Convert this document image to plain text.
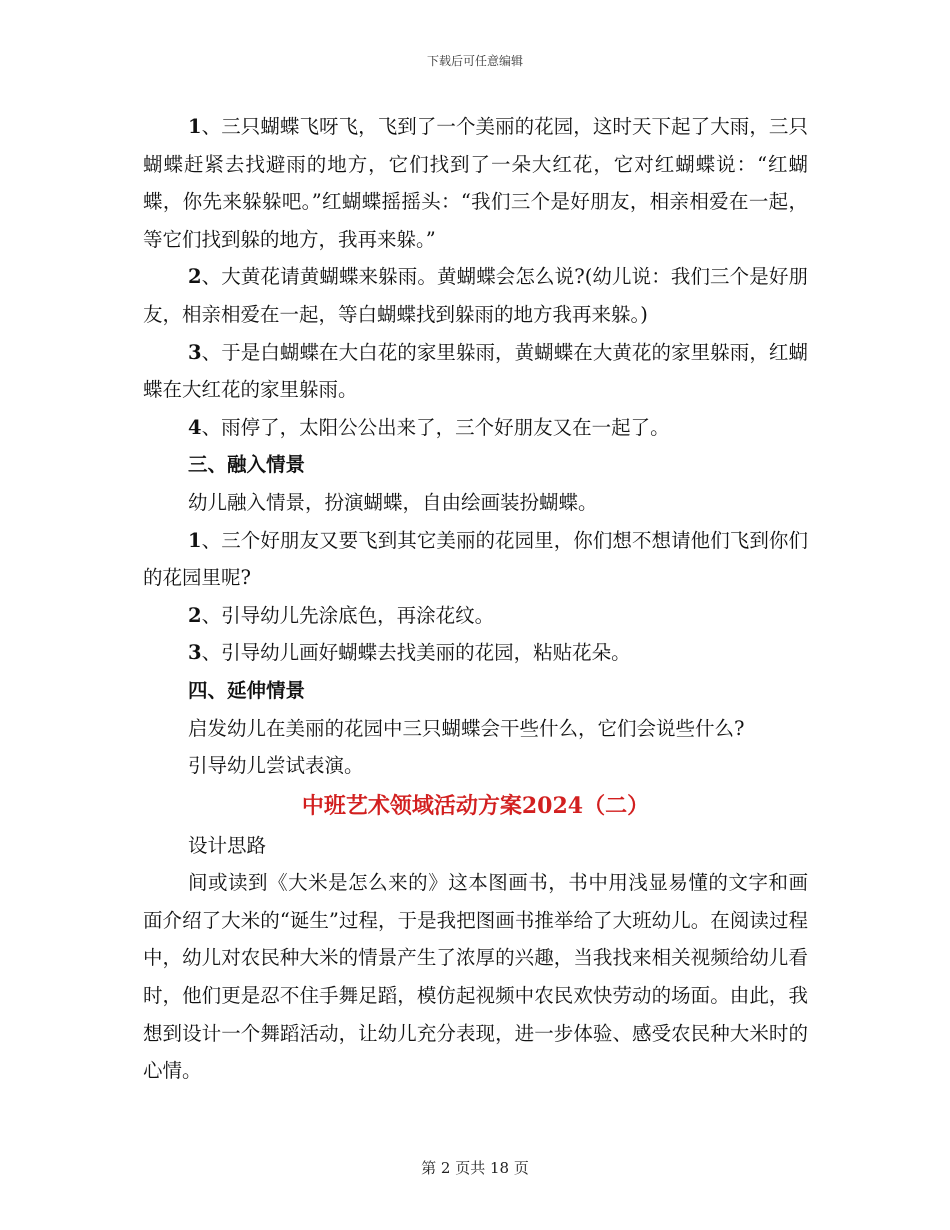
下载后可任意编辑

1、三只蝴蝶飞呀飞，飞到了一个美丽的花园，这时天下起了大雨，三只蝴蝶赶紧去找避雨的地方，它们找到了一朵大红花，它对红蝴蝶说：“红蝴蝶，你先来躲躲吧。”红蝴蝶摇摇头：“我们三个是好朋友，相亲相爱在一起，等它们找到躲的地方，我再来躲。”

2、大黄花请黄蝴蝶来躲雨。黄蝴蝶会怎么说?(幼儿说：我们三个是好朋友，相亲相爱在一起，等白蝴蝶找到躲雨的地方我再来躲。)

3、于是白蝴蝶在大白花的家里躲雨，黄蝴蝶在大黄花的家里躲雨，红蝴蝶在大红花的家里躲雨。

4、雨停了，太阳公公出来了，三个好朋友又在一起了。

三、融入情景

幼儿融入情景，扮演蝴蝶，自由绘画装扮蝴蝶。

1、三个好朋友又要飞到其它美丽的花园里，你们想不想请他们飞到你们的花园里呢?

2、引导幼儿先涂底色，再涂花纹。

3、引导幼儿画好蝴蝶去找美丽的花园，粘贴花朵。

四、延伸情景

启发幼儿在美丽的花园中三只蝴蝶会干些什么，它们会说些什么?

引导幼儿尝试表演。

中班艺术领域活动方案2024（二）

设计思路

间或读到《大米是怎么来的》这本图画书，书中用浅显易懂的文字和画面介绍了大米的“诞生”过程，于是我把图画书推举给了大班幼儿。在阅读过程中，幼儿对农民种大米的情景产生了浓厚的兴趣，当我找来相关视频给幼儿看时，他们更是忍不住手舞足蹈，模仿起视频中农民欢快劳动的场面。由此，我想到设计一个舞蹈活动，让幼儿充分表现，进一步体验、感受农民种大米时的心情。

第 2 页共 18 页
